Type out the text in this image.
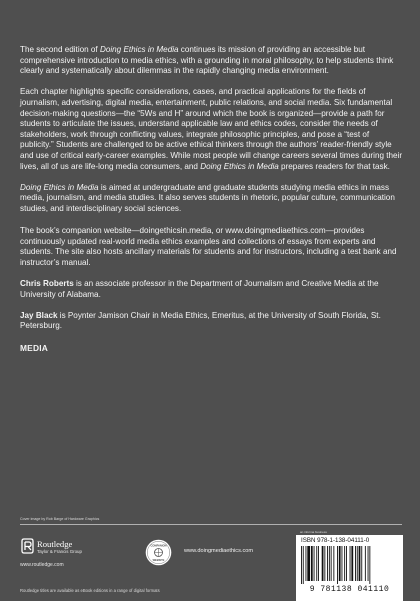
The second edition of Doing Ethics in Media continues its mission of providing an accessible but comprehensive introduction to media ethics, with a grounding in moral philosophy, to help students think clearly and systematically about dilemmas in the rapidly changing media environment.

Each chapter highlights specific considerations, cases, and practical applications for the fields of journalism, advertising, digital media, entertainment, public relations, and social media. Six fundamental decision-making questions—the “5Ws and H” around which the book is organized—provide a path for students to articulate the issues, understand applicable law and ethics codes, consider the needs of stakeholders, work through conflicting values, integrate philosophic principles, and pose a “test of publicity.” Students are challenged to be active ethical thinkers through the authors’ reader-friendly style and use of critical early-career examples. While most people will change careers several times during their lives, all of us are life-long media consumers, and Doing Ethics in Media prepares readers for that task.

Doing Ethics in Media is aimed at undergraduate and graduate students studying media ethics in mass media, journalism, and media studies. It also serves students in rhetoric, popular culture, communication studies, and interdisciplinary social sciences.

The book’s companion website—doingethicsin.media, or www.doingmediaethics.com—provides continuously updated real-world media ethics examples and collections of essays from experts and students. The site also hosts ancillary materials for students and for instructors, including a test bank and instructor’s manual.

Chris Roberts is an associate professor in the Department of Journalism and Creative Media at the University of Alabama.

Jay Black is Poynter Jamison Chair in Media Ethics, Emeritus, at the University of South Florida, St. Petersburg.

MEDIA

Cover image by Rob Barge of Hardware Graphics
Routledge
Taylor & Francis Group
www.routledge.com
COMPANION
WEBSITE
www.doingmediaethics.com
Routledge titles are available as eBook editions in a range of digital formats
an informa business
ISBN 978-1-138-04111-0
9 781138 041110
